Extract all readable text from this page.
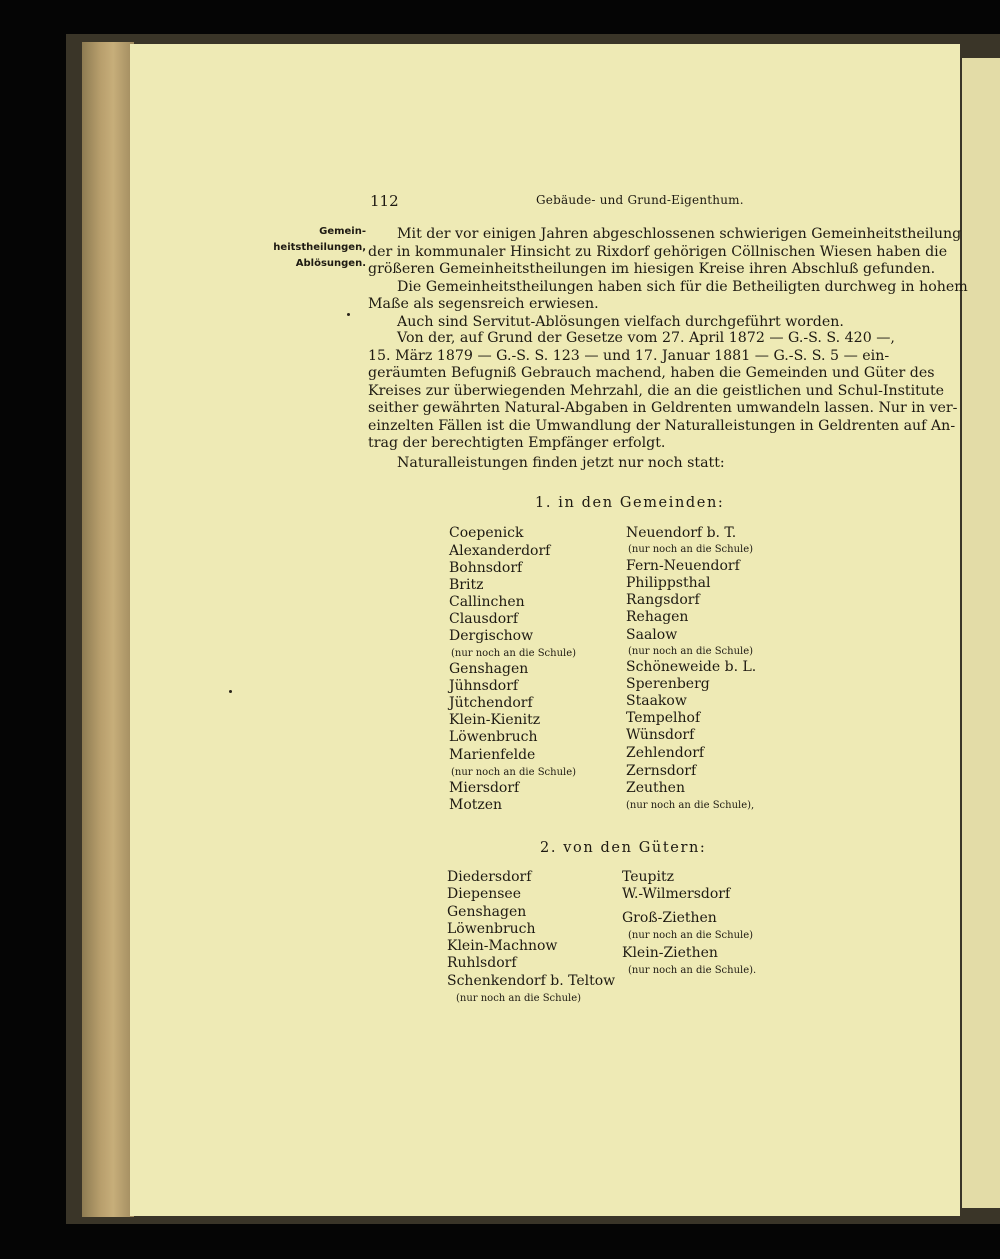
112	Gebäude- und Grund-Eigenthum.
Gemein-
heitstheilungen,
Ablösungen.
Mit der vor einigen Jahren abgeschlossenen schwierigen Gemeinheitstheilung
der in kommunaler Hinsicht zu Rixdorf gehörigen Cöllnischen Wiesen haben die
größeren Gemeinheitstheilungen im hiesigen Kreise ihren Abschluß gefunden.
Die Gemeinheitstheilungen haben sich für die Betheiligten durchweg in hohem
Maße als segensreich erwiesen.
Auch sind Servitut-Ablösungen vielfach durchgeführt worden.
Von der, auf Grund der Gesetze vom 27. April 1872 — G.-S. S. 420 —,
15. März 1879 — G.-S. S. 123 — und 17. Januar 1881 — G.-S. S. 5 — ein-
geräumten Befugniß Gebrauch machend, haben die Gemeinden und Güter des
Kreises zur überwiegenden Mehrzahl, die an die geistlichen und Schul-Institute
seither gewährten Natural-Abgaben in Geldrenten umwandeln lassen. Nur in ver-
einzelten Fällen ist die Umwandlung der Naturalleistungen in Geldrenten auf An-
trag der berechtigten Empfänger erfolgt.
Naturalleistungen finden jetzt nur noch statt:
1. in den Gemeinden:
Coepenick
Alexanderdorf
Bohnsdorf
Britz
Callinchen
Clausdorf
Dergischow
(nur noch an die Schule)
Genshagen
Jühnsdorf
Jütchendorf
Klein-Kienitz
Löwenbruch
Marienfelde
(nur noch an die Schule)
Miersdorf
Motzen
Neuendorf b. T.
(nur noch an die Schule)
Fern-Neuendorf
Philippsthal
Rangsdorf
Rehagen
Saalow
(nur noch an die Schule)
Schöneweide b. L.
Sperenberg
Staakow
Tempelhof
Wünsdorf
Zehlendorf
Zernsdorf
Zeuthen
(nur noch an die Schule),
2. von den Gütern:
Diedersdorf
Diepensee
Genshagen
Löwenbruch
Klein-Machnow
Ruhlsdorf
Schenkendorf b. Teltow
(nur noch an die Schule)
Teupitz
W.-Wilmersdorf
Groß-Ziethen
(nur noch an die Schule)
Klein-Ziethen
(nur noch an die Schule).
